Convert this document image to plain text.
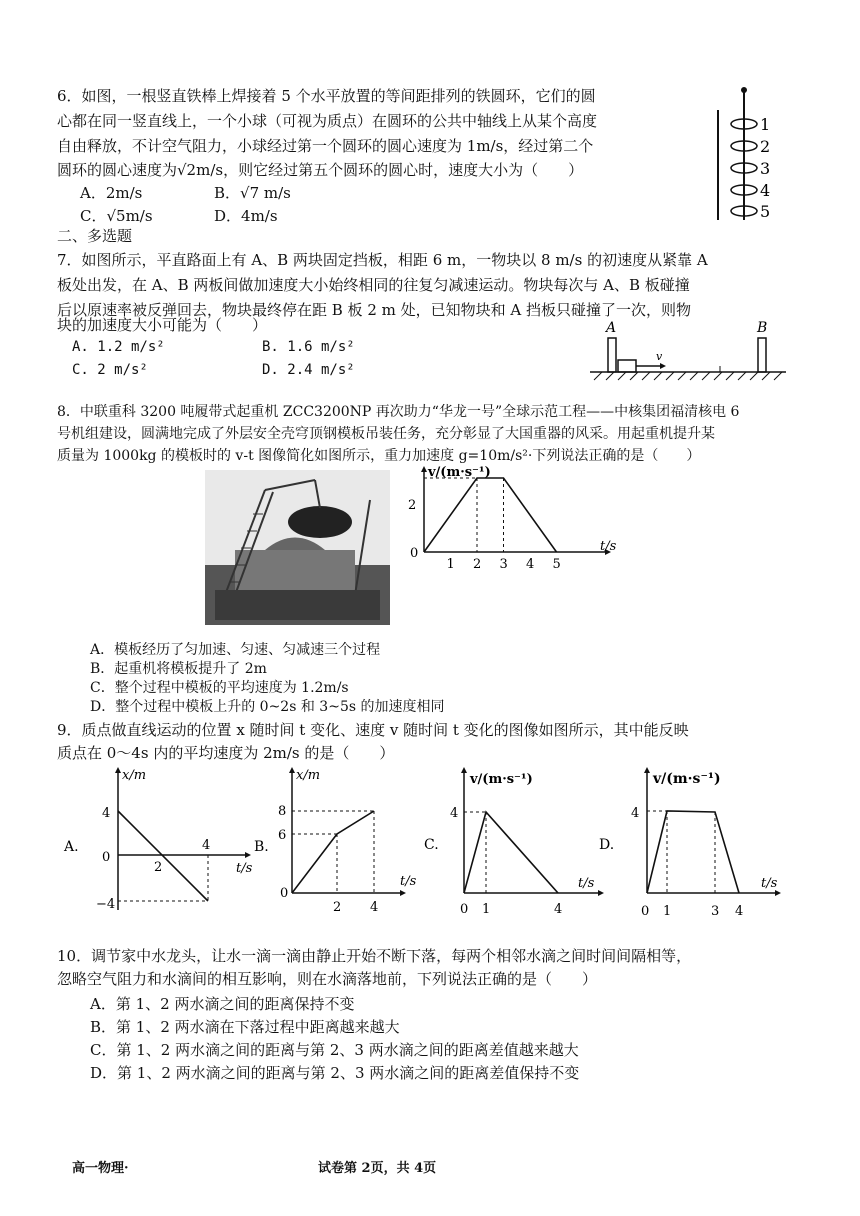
6．如图，一根竖直铁棒上焊接着 5 个水平放置的等间距排列的铁圆环，它们的圆
心都在同一竖直线上，一个小球（可视为质点）在圆环的公共中轴线上从某个高度
自由释放，不计空气阻力，小球经过第一个圆环的圆心速度为 1m/s，经过第二个
圆环的圆心速度为√2m/s，则它经过第五个圆环的圆心时，速度大小为（　　）
A．2m/s	B．√7 m/s
C．√5m/s	D．4m/s
1
2
3
4
5
二、多选题
7．如图所示，平直路面上有 A、B 两块固定挡板，相距 6 m，一物块以 8 m/s 的初速度从紧靠 A
板处出发，在 A、B 两板间做加速度大小始终相同的往复匀减速运动。物块每次与 A、B 板碰撞
后以原速率被反弹回去，物块最终停在距 B 板 2 m 处，已知物块和 A 挡板只碰撞了一次，则物
块的加速度大小可能为（　　）
A. 1.2 m/s²	B. 1.6 m/s²
C. 2 m/s²	D. 2.4 m/s²
A	B
v
8．中联重科 3200 吨履带式起重机 ZCC3200NP 再次助力“华龙一号”全球示范工程——中核集团福清核电 6
号机组建设，圆满地完成了外层安全壳穹顶钢模板吊装任务，充分彰显了大国重器的风采。用起重机提升某
质量为 1000kg 的模板时的 v-t 图像简化如图所示，重力加速度 g=10m/s²·下列说法正确的是（　　）
v/(m·s⁻¹)
t/s
2
0
1 2 3 4 5
A．模板经历了匀加速、匀速、匀减速三个过程
B．起重机将模板提升了 2m
C．整个过程中模板的平均速度为 1.2m/s
D．整个过程中模板上升的 0~2s 和 3~5s 的加速度相同
9．质点做直线运动的位置 x 随时间 t 变化、速度 v 随时间 t 变化的图像如图所示，其中能反映
质点在 0～4s 内的平均速度为 2m/s 的是（　　）
A.
x/m
t/s
4
0
2
4
−4
B.
x/m
t/s
8
6
0
2 4
C.
v/(m·s⁻¹)
t/s
4
0 1	4
D.
v/(m·s⁻¹)
t/s
4
0 1	3 4
10．调节家中水龙头，让水一滴一滴由静止开始不断下落，每两个相邻水滴之间时间间隔相等，
忽略空气阻力和水滴间的相互影响，则在水滴落地前，下列说法正确的是（　　）
A．第 1、2 两水滴之间的距离保持不变
B．第 1、2 两水滴在下落过程中距离越来越大
C．第 1、2 两水滴之间的距离与第 2、3 两水滴之间的距离差值越来越大
D．第 1、2 两水滴之间的距离与第 2、3 两水滴之间的距离差值保持不变
高一物理·	试卷第 2页，共 4页
